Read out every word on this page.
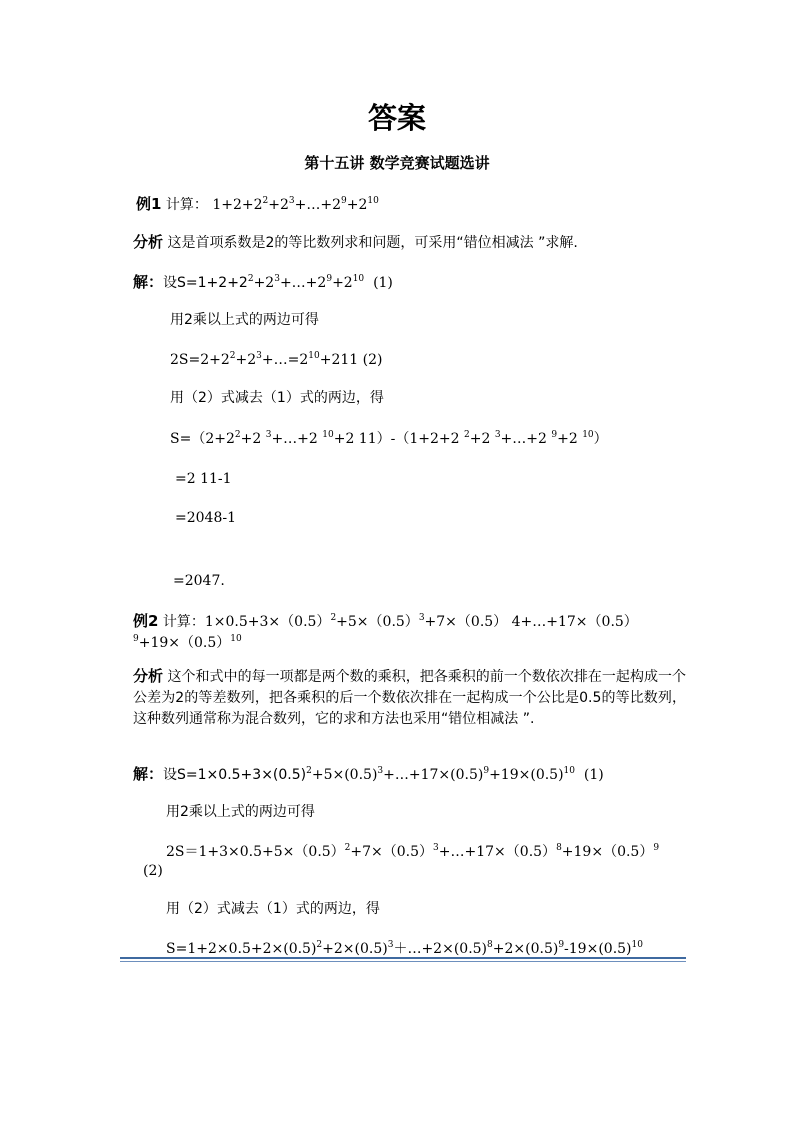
答案
第十五讲 数学竞赛试题选讲
例1 计算： $1+2+2^2+2^3+\dots+2^9+2^{10}$
分析 这是首项系数是2的等比数列求和问题，可采用“错位相减法 ”求解.
解：设$S=1+2+2^2+2^3+\dots+2^9+2^{10}$ (1)
用2乘以上式的两边可得
$2S=2+2^2+2^3+\dots=2^{10}+211$ (2)
用（2）式减去（1）式的两边，得
$S=(2+2^2+2$ $^3$+…+2 $^{10}$+2 11）-（1+2+2 $^2$+2 $^3$+…+2 $^9$+2 $^{10}$）
=2 11-1
=2048-1
=2047.
例2 计算：$1\times 0.5+3\times(0.5)^2+5\times(0.5)^3+7\times(0.5)$ 4+…+17×（0.5）
$^9+19\times(0.5)^{10}$
分析 这个和式中的每一项都是两个数的乘积，把各乘积的前一个数依次排在一起构成一个公差为2的等差数列，把各乘积的后一个数依次排在一起构成一个公比是0.5的等比数列，这种数列通常称为混合数列，它的求和方法也采用“错位相减法 ”.
解：设$S=1\times 0.5+3\times(0.5)^2+5\times(0.5)^3+\dots+17\times(0.5)^9+19\times(0.5)^{10}$ (1)
用2乘以上式的两边可得
$2S=1+3\times 0.5+5\times(0.5)^2+7\times(0.5)^3+\dots+17\times(0.5)^8+19\times(0.5)^9$
(2)
用（2）式减去（1）式的两边，得
$S=1+2\times 0.5+2\times(0.5)^2+2\times(0.5)^3+\dots+2\times(0.5)^8+2\times(0.5)^9-19\times(0.5)^{10}$
